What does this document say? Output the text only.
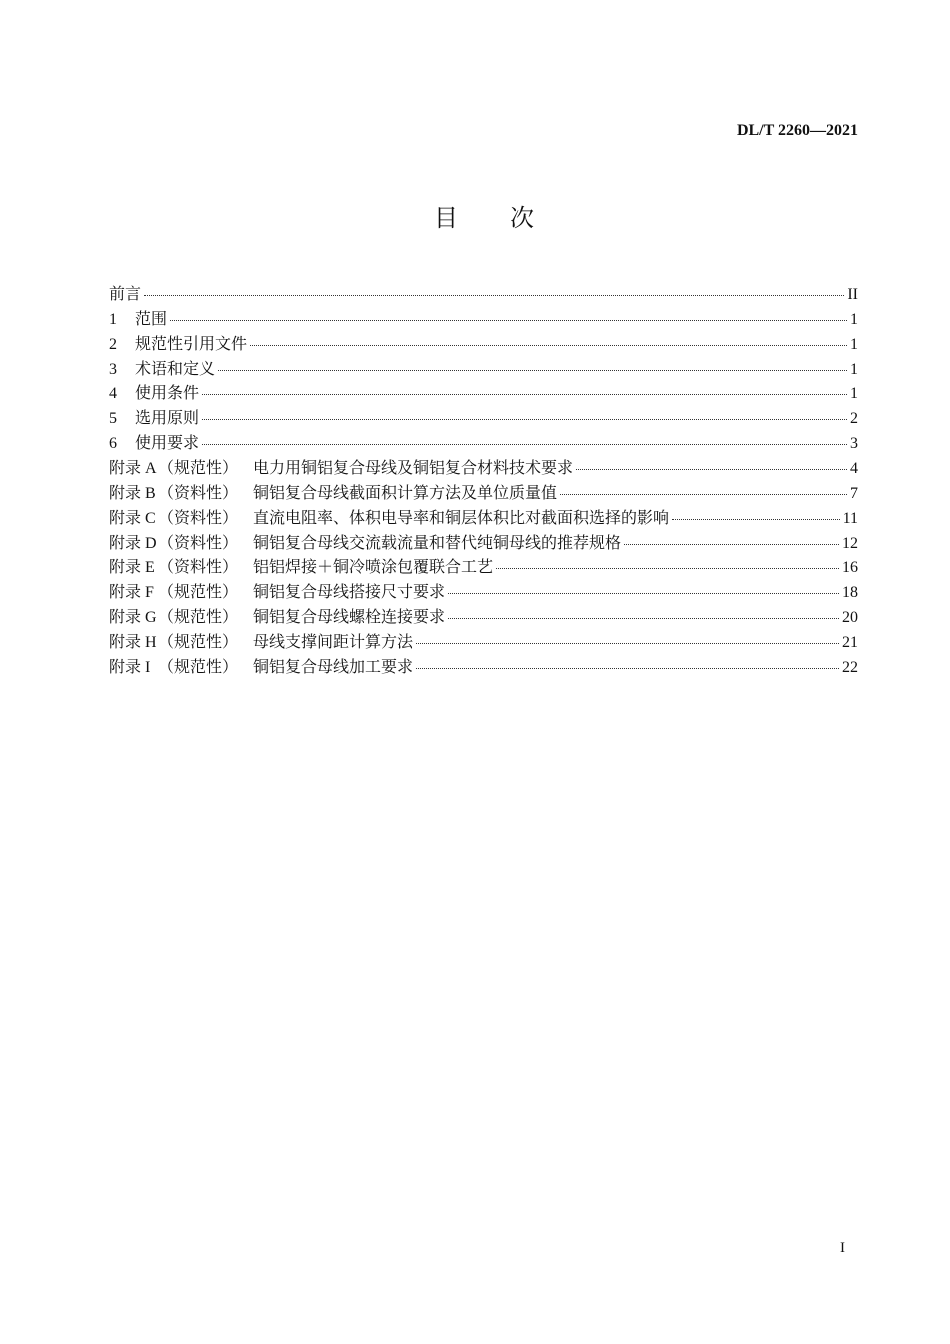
DL/T 2260—2021
目 次
前言	II
1	范围	1
2	规范性引用文件	1
3	术语和定义	1
4	使用条件	1
5	选用原则	2
6	使用要求	3
附录 A （规范性） 电力用铜铝复合母线及铜铝复合材料技术要求	4
附录 B （资料性） 铜铝复合母线截面积计算方法及单位质量值	7
附录 C （资料性） 直流电阻率、体积电导率和铜层体积比对截面积选择的影响	11
附录 D （资料性） 铜铝复合母线交流载流量和替代纯铜母线的推荐规格	12
附录 E （资料性） 铝铝焊接＋铜冷喷涂包覆联合工艺	16
附录 F （规范性） 铜铝复合母线搭接尺寸要求	18
附录 G （规范性） 铜铝复合母线螺栓连接要求	20
附录 H （规范性） 母线支撑间距计算方法	21
附录 I （规范性） 铜铝复合母线加工要求	22
I
